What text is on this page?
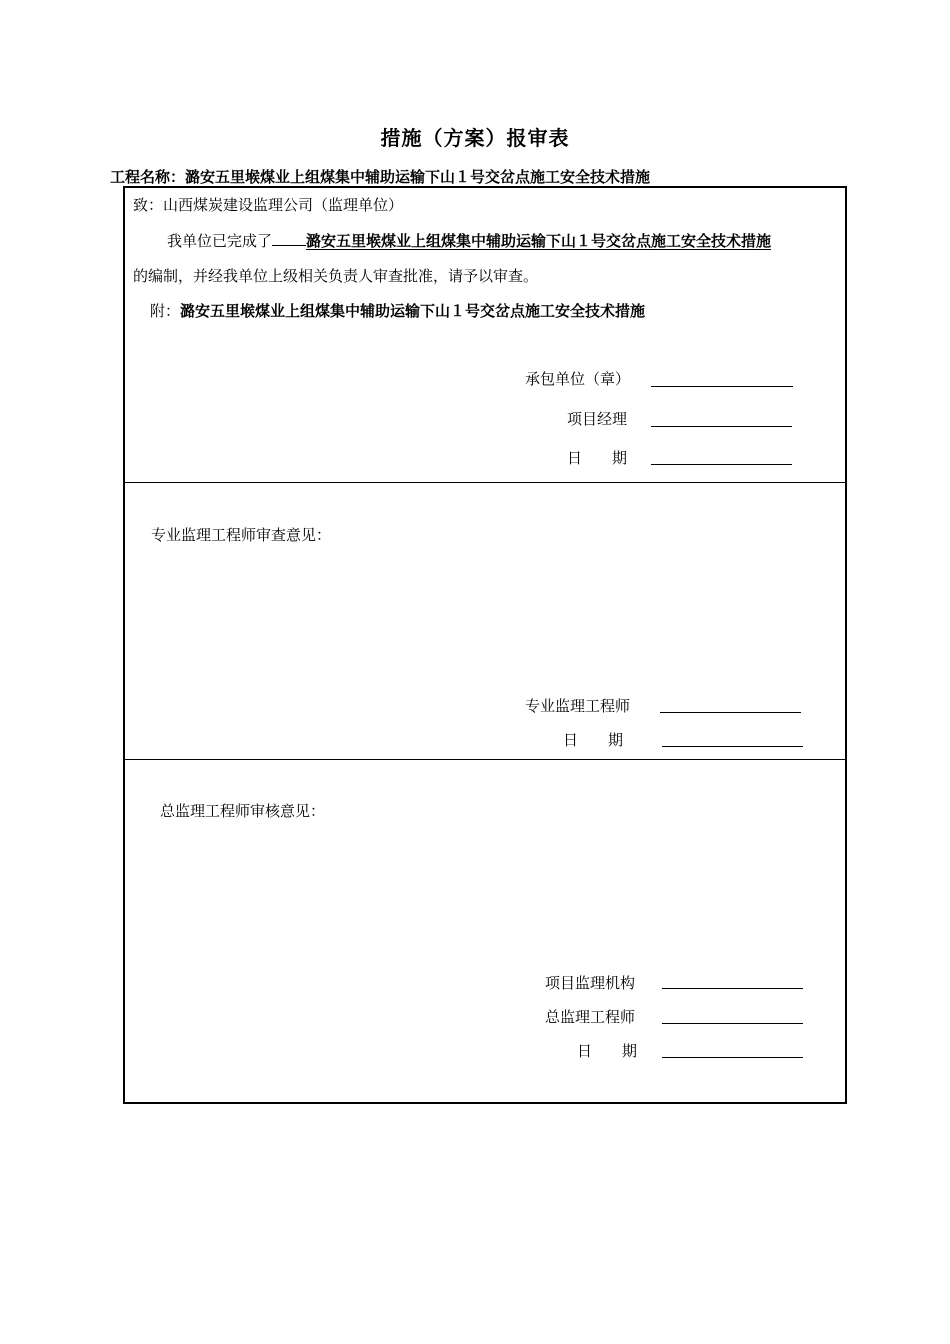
措施（方案）报审表
工程名称：潞安五里堠煤业上组煤集中辅助运输下山１号交岔点施工安全技术措施
致：山西煤炭建设监理公司（监理单位）
我单位已完成了 潞安五里堠煤业上组煤集中辅助运输下山１号交岔点施工安全技术措施
的编制，并经我单位上级相关负责人审查批准，请予以审查。
附：潞安五里堠煤业上组煤集中辅助运输下山１号交岔点施工安全技术措施
承包单位（章）
项目经理
日　　期
专业监理工程师审查意见：
专业监理工程师
日　　期
总监理工程师审核意见：
项目监理机构
总监理工程师
日　　期
